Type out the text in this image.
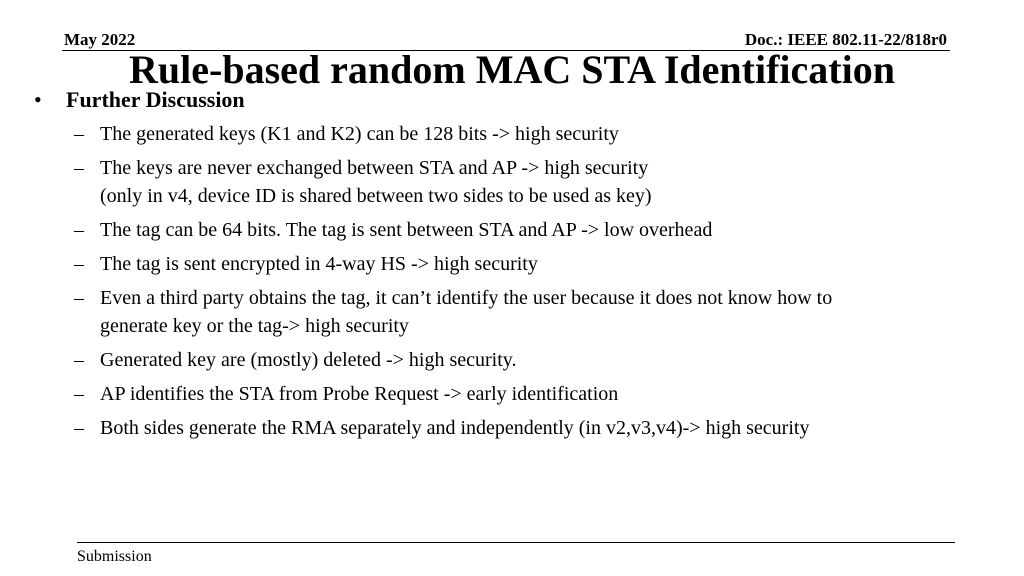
May 2022	Doc.: IEEE 802.11-22/818r0
Rule-based random MAC STA Identification
• Further Discussion
– The generated keys (K1 and K2) can be 128 bits -> high security
– The keys are never exchanged between STA and AP -> high security
(only in v4, device ID is shared between two sides to be used as key)
– The tag can be 64 bits. The tag is sent between STA and AP -> low overhead
– The tag is sent encrypted in 4-way HS -> high security
– Even a third party obtains the tag, it can’t identify the user because it does not know how to
generate key or the tag-> high security
– Generated key are (mostly) deleted -> high security.
– AP identifies the STA from Probe Request -> early identification
– Both sides generate the RMA separately and independently (in v2,v3,v4)-> high security
Submission
